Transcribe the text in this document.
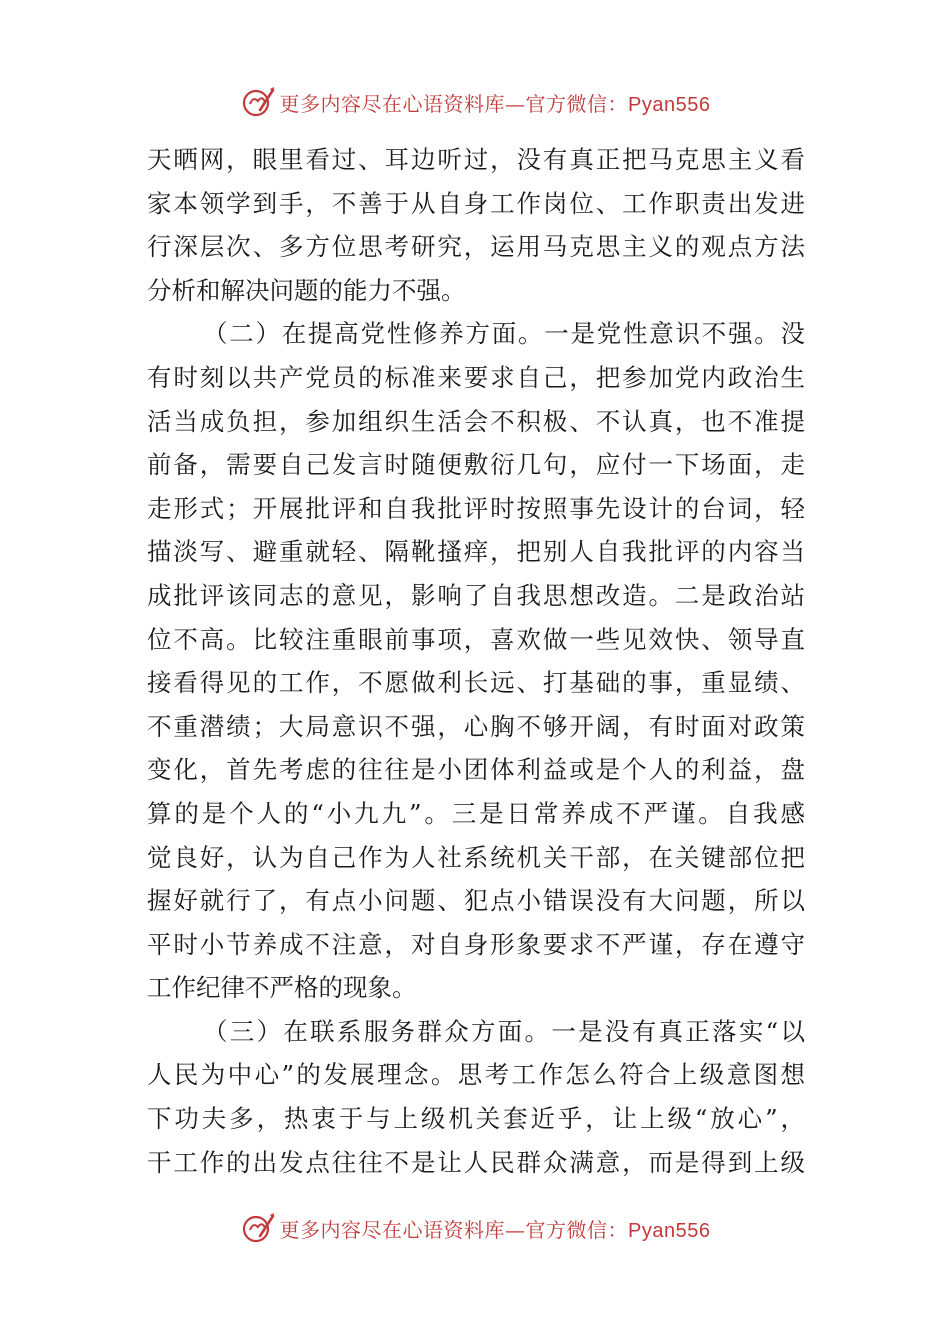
更多内容尽在心语资料库—官方微信：Pyan556
天晒网，眼里看过、耳边听过，没有真正把马克思主义看
家本领学到手，不善于从自身工作岗位、工作职责出发进
行深层次、多方位思考研究，运用马克思主义的观点方法
分析和解决问题的能力不强。
（二）在提高党性修养方面。一是党性意识不强。没
有时刻以共产党员的标准来要求自己，把参加党内政治生
活当成负担，参加组织生活会不积极、不认真，也不准提
前备，需要自己发言时随便敷衍几句，应付一下场面，走
走形式；开展批评和自我批评时按照事先设计的台词，轻
描淡写、避重就轻、隔靴搔痒，把别人自我批评的内容当
成批评该同志的意见，影响了自我思想改造。二是政治站
位不高。比较注重眼前事项，喜欢做一些见效快、领导直
接看得见的工作，不愿做利长远、打基础的事，重显绩、
不重潜绩；大局意识不强，心胸不够开阔，有时面对政策
变化，首先考虑的往往是小团体利益或是个人的利益，盘
算的是个人的“小九九”。三是日常养成不严谨。自我感
觉良好，认为自己作为人社系统机关干部，在关键部位把
握好就行了，有点小问题、犯点小错误没有大问题，所以
平时小节养成不注意，对自身形象要求不严谨，存在遵守
工作纪律不严格的现象。
（三）在联系服务群众方面。一是没有真正落实“以
人民为中心”的发展理念。思考工作怎么符合上级意图想
下功夫多，热衷于与上级机关套近乎，让上级“放心”，
干工作的出发点往往不是让人民群众满意，而是得到上级
更多内容尽在心语资料库—官方微信：Pyan556
